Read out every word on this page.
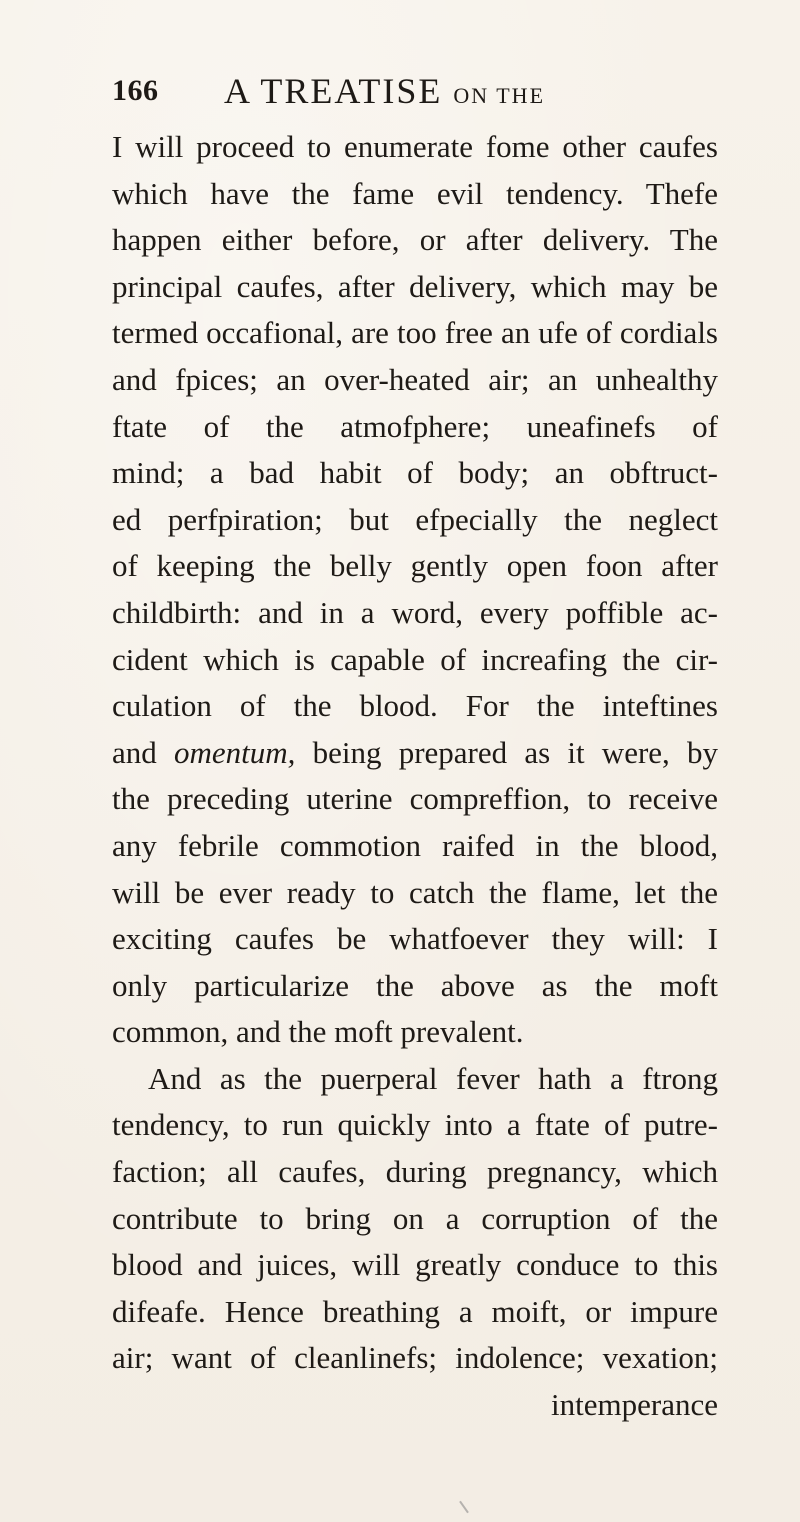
166 A TREATISE ON THE
I will proceed to enumerate fome other caufes
which have the fame evil tendency. Thefe
happen either before, or after delivery. The
principal caufes, after delivery, which may be
termed occafional, are too free an ufe of cordials
and fpices; an over-heated air; an unhealthy
ftate of the atmofphere; uneafinefs of
mind; a bad habit of body; an obftruct-
ed perfpiration; but efpecially the neglect
of keeping the belly gently open foon after
childbirth: and in a word, every poffible ac-
cident which is capable of increafing the cir-
culation of the blood. For the inteftines
and omentum, being prepared as it were, by
the preceding uterine compreffion, to receive
any febrile commotion raifed in the blood,
will be ever ready to catch the flame, let the
exciting caufes be whatfoever they will: I
only particularize the above as the moft
common, and the moft prevalent.
And as the puerperal fever hath a ftrong
tendency, to run quickly into a ftate of putre-
faction; all caufes, during pregnancy, which
contribute to bring on a corruption of the
blood and juices, will greatly conduce to this
difeafe. Hence breathing a moift, or impure
air; want of cleanlinefs; indolence; vexation;
intemperance
